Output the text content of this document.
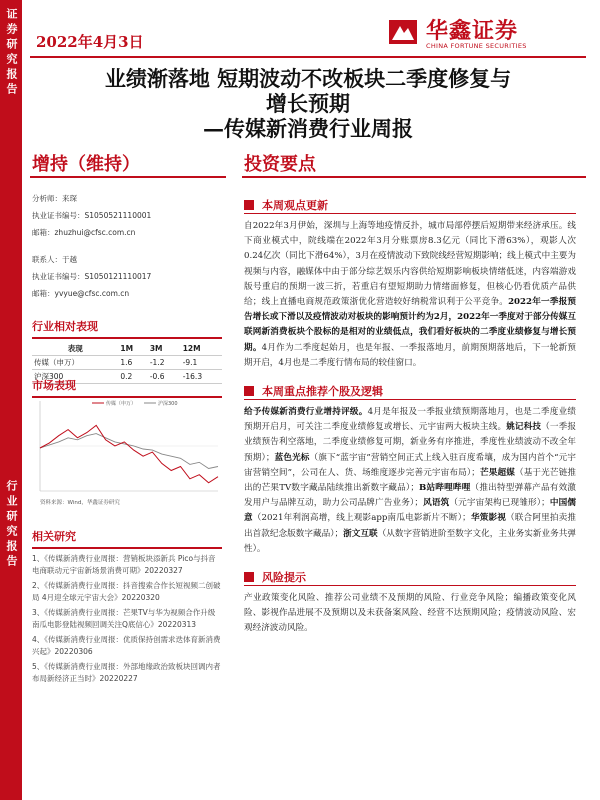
证券研究报告
行业研究报告
2022年4月3日	华鑫证券
CHINA FORTUNE SECURITIES
业绩渐落地 短期波动不改板块二季度修复与
增长预期
—传媒新消费行业周报
增持（维持）	投资要点
分析师：来琛
执业证书编号：S1050521110001
邮箱：zhuzhui@cfsc.com.cn
联系人：于越
执业证书编号：S1050121110017
邮箱：yvyue@cfsc.com.cn
行业相对表现
表现	1M	3M	12M
传媒（申万）	1.6	-1.2	-9.1
沪深300	0.2	-0.6	-16.3
市场表现
传媒（申万）	沪深300
资料来源：Wind，华鑫证券研究
相关研究
1、《传媒新消费行业周报：营销板块添新兵 Pico与抖音电商联动元宇宙新场景消费可期》20220327
2、《传媒新消费行业周报：抖音搜索合作长短视频二创破局 4月迎全球元宇宙大会》20220320
3、《传媒新消费行业周报：芒果TV与华为视频合作升级南瓜电影登陆视频回调关注Q底信心》20220313
4、《传媒新消费行业周报：优质保持创需求迭体育新消费兴起》20220306
5、《传媒新消费行业周报：外部地缘政治致板块回调内者布局新经济正当时》20220227
本周观点更新
自2022年3月伊始，深圳与上海等地疫情反扑，城市局部停摆后短期带来经济承压。线下商业模式中，院线端在2022年3月分账票房8.3亿元（同比下滑63%），观影人次0.24亿次（同比下滑64%），3月在疫情波动下致院线经营短期影响；线上模式中主要为视频与内容，融媒体中由于部分综艺娱乐内容供给短期影响板块情绪低迷，内容端游戏版号重启的预期一波三折，若重启有望短期助力情绪面修复，但核心仍看优质产品供给；线上直播电商规范政策浙优化营造较好纳税常识利于公平竞争。2022年一季报预告增长或下滑以及疫情波动对板块的影响预计约为2月，2022年一季度对于部分传媒互联网新消费板块个股标的是相对的业绩低点，我们看好板块的二季度业绩修复与增长预期。4月作为二季度起始月，也是年报、一季报落地月，前期预期落地后，下一轮新预期开启，4月也是二季度行情布局的较佳窗口。
本周重点推荐个股及逻辑
给予传媒新消费行业增持评级。4月是年报及一季报业绩预期落地月，也是二季度业绩预期开启月，可关注二季度业绩修复或增长、元宇宙两大板块主线。姚记科技（一季报业绩预告利空落地，二季度业绩修复可期，新业务有序推进，季度性业绩波动不改全年预期）；蓝色光标（旗下“蓝宇宙”营销空间正式上线入驻百度希壤，成为国内首个“元宇宙营销空间”，公司在人、货、场维度逐步完善元宇宙布局）；芒果超媒（基于光芒链推出的芒果TV数字藏品陆续推出新数字藏品）；B站哔哩哔哩（推出特型弹幕产品有效激发用户与品牌互动，助力公司品牌广告业务）；风语筑（元宇宙架构已现雏形）；中国儒意（2021年利润高增，线上观影app南瓜电影新片不断）；华策影视（联合阿里拍卖推出首款纪念版数字藏品）；浙文互联（从数字营销进阶至数字文化，主业务实新业务共弹性）。
风险提示
产业政策变化风险、推荐公司业绩不及预期的风险、行业竞争风险；编播政策变化风险、影视作品进展不及预期以及未获备案风险、经营不达预期风险；疫情波动风险、宏观经济波动风险。
